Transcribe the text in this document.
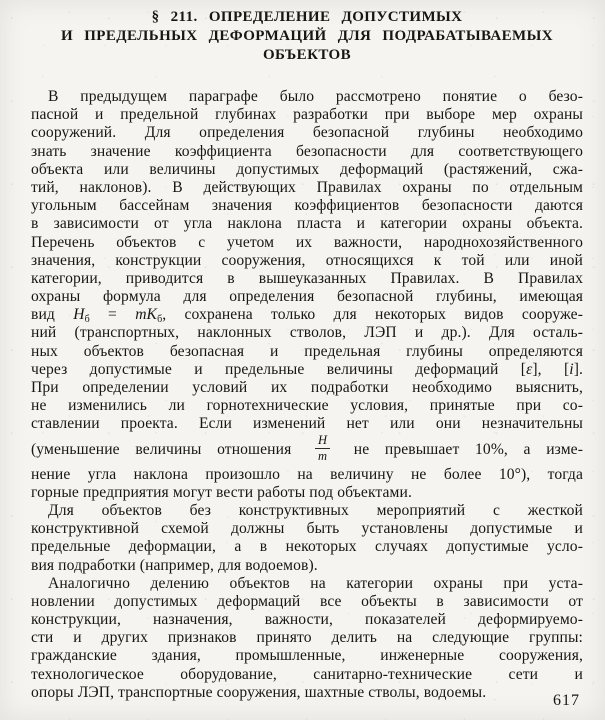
§ 211. ОПРЕДЕЛЕНИЕ ДОПУСТИМЫХ
И ПРЕДЕЛЬНЫХ ДЕФОРМАЦИЙ ДЛЯ ПОДРАБАТЫВАЕМЫХ
ОБЪЕКТОВ
В предыдущем параграфе было рассмотрено понятие о безо-
пасной и предельной глубинах разработки при выборе мер охраны
сооружений. Для определения безопасной глубины необходимо
знать значение коэффициента безопасности для соответствующего
объекта или величины допустимых деформаций (растяжений, сжа-
тий, наклонов). В действующих Правилах охраны по отдельным
угольным бассейнам значения коэффициентов безопасности даются
в зависимости от угла наклона пласта и категории охраны объекта.
Перечень объектов с учетом их важности, народнохозяйственного
значения, конструкции сооружения, относящихся к той или иной
категории, приводится в вышеуказанных Правилах. В Правилах
охраны формула для определения безопасной глубины, имеющая
вид $H_б = mK_б$, сохранена только для некоторых видов сооруже-
ний (транспортных, наклонных стволов, ЛЭП и др.). Для осталь-
ных объектов безопасная и предельная глубины определяются
через допустимые и предельные величины деформаций [ε], [i].
При определении условий их подработки необходимо выяснить,
не изменились ли горнотехнические условия, принятые при со-
ставлении проекта. Если изменений нет или они незначительны
(уменьшение величины отношения $\frac{H}{m}$ не превышает 10%, а изме-
нение угла наклона произошло на величину не более 10°), тогда
горные предприятия могут вести работы под объектами.
Для объектов без конструктивных мероприятий с жесткой
конструктивной схемой должны быть установлены допустимые и
предельные деформации, а в некоторых случаях допустимые усло-
вия подработки (например, для водоемов).
Аналогично делению объектов на категории охраны при уста-
новлении допустимых деформаций все объекты в зависимости от
конструкции, назначения, важности, показателей деформируемо-
сти и других признаков принято делить на следующие группы:
гражданские здания, промышленные, инженерные сооружения,
технологическое оборудование, санитарно-технические сети и
опоры ЛЭП, транспортные сооружения, шахтные стволы, водоемы.	617
